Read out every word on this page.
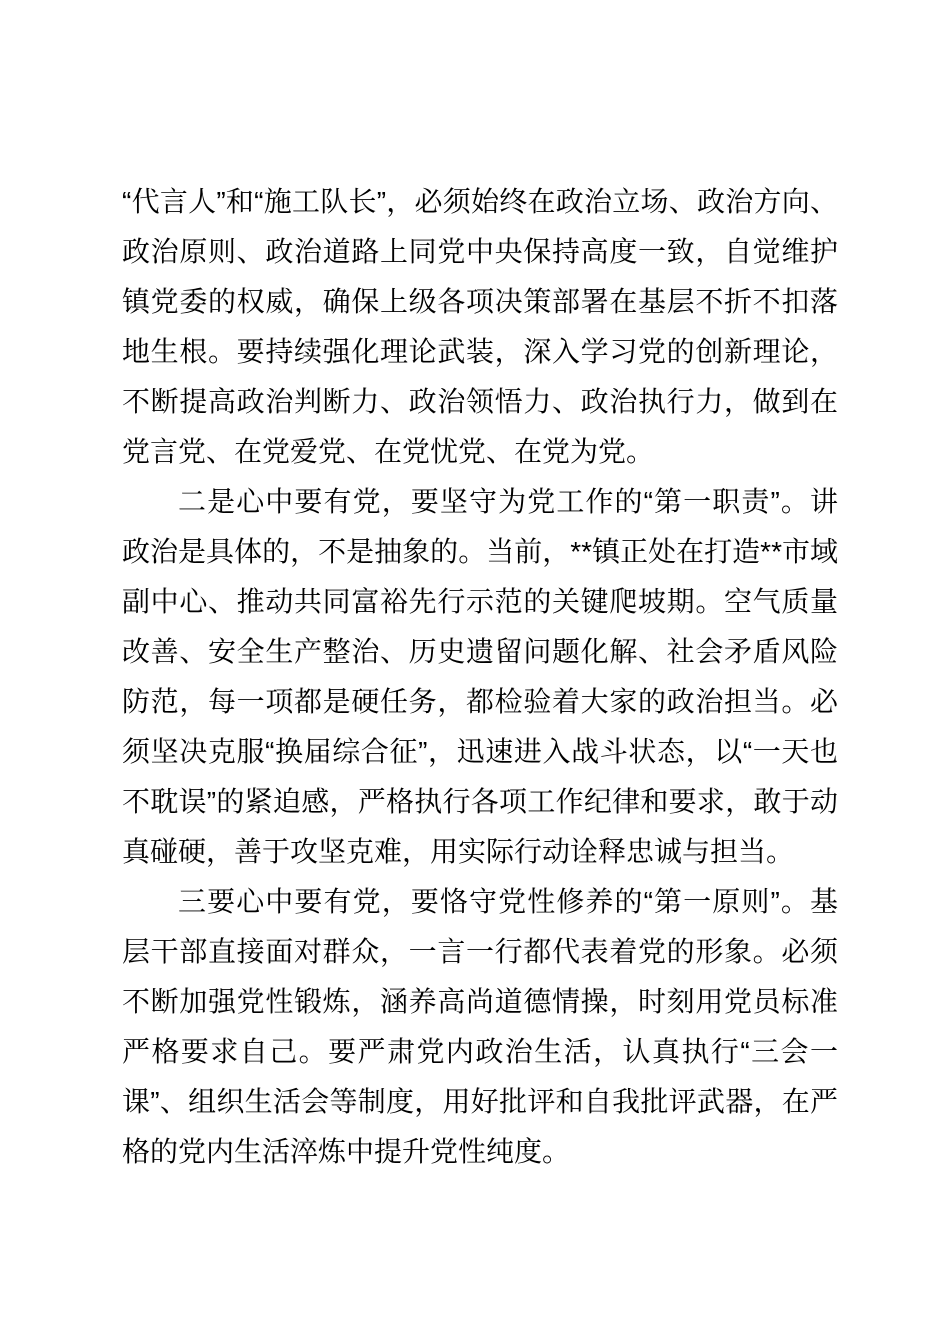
“代言人”和“施工队长”，必须始终在政治立场、政治方向、政治原则、政治道路上同党中央保持高度一致，自觉维护镇党委的权威，确保上级各项决策部署在基层不折不扣落地生根。要持续强化理论武装，深入学习党的创新理论，不断提高政治判断力、政治领悟力、政治执行力，做到在党言党、在党爱党、在党忧党、在党为党。

二是心中要有党，要坚守为党工作的“第一职责”。讲政治是具体的，不是抽象的。当前，**镇正处在打造**市域副中心、推动共同富裕先行示范的关键爬坡期。空气质量改善、安全生产整治、历史遗留问题化解、社会矛盾风险防范，每一项都是硬任务，都检验着大家的政治担当。必须坚决克服“换届综合征”，迅速进入战斗状态，以“一天也不耽误”的紧迫感，严格执行各项工作纪律和要求，敢于动真碰硬，善于攻坚克难，用实际行动诠释忠诚与担当。

三要心中要有党，要恪守党性修养的“第一原则”。基层干部直接面对群众，一言一行都代表着党的形象。必须不断加强党性锻炼，涵养高尚道德情操，时刻用党员标准严格要求自己。要严肃党内政治生活，认真执行“三会一课”、组织生活会等制度，用好批评和自我批评武器，在严格的党内生活淬炼中提升党性纯度。
